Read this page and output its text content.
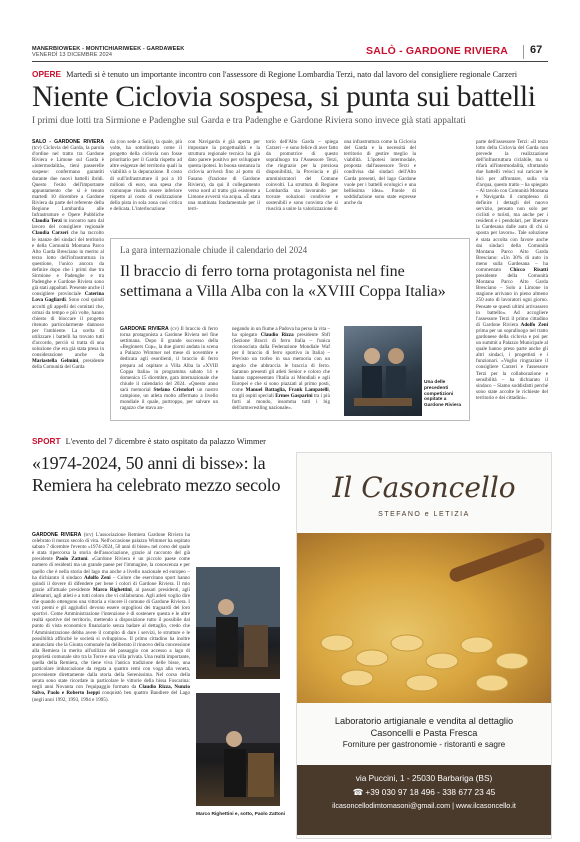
MANERBIOWEEK - MONTICHIARIWEEK - GARDAWEEK
VENERDÌ 13 DICEMBRE 2024	SALÒ - GARDONE RIVIERA 67
OPERE Martedì si è tenuto un importante incontro con l'assessore di Regione Lombardia Terzi, nato dal lavoro del consigliere regionale Carzeri
Niente Ciclovia sospesa, si punta sui battelli
I primi due lotti tra Sirmione e Padenghe sul Garda e tra Padenghe e Gardone Riviera sono invece già stati appaltati
SALÒ - GARDONE RIVIERA (tcv) Ciclovia del Garda, la parola d'ordine nel tratto tra Gardone Riviera e Limone sul Garda è «intermodalità», tieni passerelle sospese: confermano garantiti durante due nuovi battelli ibridi. Questo l'esito dell'importante appuntamento che si è tenuto martedì 10 dicembre a Gardone Riviera da parte del referente della Regione Lombardia alle Infrastrutture e Opere Pubbliche Claudia Terzi in incontro nato dal lavoro del consigliere regionale Claudia Carzeri che ha raccolto le istanze dei sindaci del territorio e della Comunità Montana Parco Alto Garda Bresciano in merito al terzo lotto dell'infrastruttura in questione, l'unico ancora da definire dopo che i primi due tra Sirmione e Padenghe e tra Padenghe e Gardone Riviera sono già stati appaltati. Presente anche il consigliere provinciale Caterina Lova Gagliardi. Sono così quindi accolti gli appelli dei comitati che, ormai da tempo e più volte, hanno chiesto di bloccare il progetto ritenuto particolarmente dannoso per l'ambiente. La scelta di utilizzare i battelli ha trovato tutti d'accordo, perciò si tratta di una soluzione che era già stata presa in considerazione anche da Mariastella Gelmini, presidente della Comunità del Garda
da (con sede a Salò), la quale, più volte, ha sottolineato come il progetto della ciclovia non fosse prioritario per il Garda rispetto ad altre esigenze del territorio quali la viabilità o la depurazione. Il costo di sull'infrastrutture il poi a 10 milioni di euro, una spesa che comunque risulta essere inferiore rispetto al costo di realizzazione della pista in sola zona così critica e delicata. L'interlocuzione
con Navigarda è già aperta per impostare la progettualità e la struttura regionale tecnica ha già dato parere positivo per sviluppare questa ipotesi. In buona sostanza la ciclovia arriverà fino al porto di Fasano (frazione di Gardone Riviera), da qui il collegamento verso nord al tratto già esistente a Limone avverrà via acqua. «È stata una mattinata fondamentale per il terri-
torio dell'Alto Garda – spiega Carzeri – e sono felice di aver fatto da promotrice di questo sopralluogo tra l'Assessore Terzi, che ringrazio per la preziosa disponibilità, la Provincia e gli amministratori del Comune coinvolti. La struttura di Regione Lombardia sta lavorando per trovare soluzioni condivise e sostenibili e sono convinta che si riuscirà a unire la valorizzazione di
una infrastruttura come la Ciclovia del Garda e la necessità del territorio di gestire meglio la viabilità. L'ipotesi intermodale, proposta dall'assessore Terzi e condivisa dai sindaci dell'Alto Garda presenti, del lago Gardone vuole per i battelli ecologici e una bellissima idea». Parole di soddisfazione sono state espresse anche da
parte dell'assessore Terzi: «Il terzo lotto della Ciclovia del Garda non prevede la realizzazione dell'infrastruttura ciclabile, ma si rifarà all'intermodalità, sfruttando due battelli veloci sui caricare le bici per affrontare, sulla via d'acqua, questo tratto – ha spiegato – Al tavolo con Comunità Montana e Navigarda il complesso di definire i dettagli del nuovo servizio, pensato non solo per ciclisti e turisti, ma anche per i residenti e i pendolari, per liberare la Gardesana dalle auto di chi si sposta per lavoro». Tale soluzione è stata accolta con favore anche dai sindaci della Comunità Montana Parco Alto Garda Bresciano: «Un 30% di auto in meno sulla Gardesana – ha commentato Chicco Risatti presidente della Comunità Montana Parco Alto Garda Bresciano – Solo a Limone in stagione arrivano in pieno almeno 250 auto di lavoratori ogni giorno. Pensate se questi ultimi arrivassero in battello». Ad accogliere l'assessore Terzi il primo cittadino di Gardone Riviera Adolfo Zeni prima per un sopralluogo nel tratto gardonese della ciclovia e poi per un summit a Palazzo Municipale al quale hanno preso parte anche gli altri sindaci, i progettisti e i funzionari. «Voglio ringraziare il consigliere Carzeri e l'assessore Terzi per la collaborazione e sensibilità – ha dichiarato il sindaco – Siamo soddisfatti perché sono state accolte le richieste del territorio e dei cittadini».
La gara internazionale chiude il calendario del 2024
Il braccio di ferro torna protagonista nel fine settimana a Villa Alba con la «XVIII Coppa Italia»
GARDONE RIVIERA (cv) Il braccio di ferro torna protagonista a Gardone Riviera nel fine settimana. Dopo il grande successo della «Beginners Cup», la due giorni andata in scena a Palazzo Wimmer nel mese di novembre e dedicata agli esordienti, il braccio di ferro prepara ad ospitare a Villa Alba la «XVIII Coppa Italia» in programma sabato 14 e domenica 15 dicembre, gara internazionale che chiude il calendario del 2024. «Questo anno sarà memorial Stefano Cristofori un nostro campione, un atleta molto affermato a livello mondiale il quale, purtroppo, per salvare un ragazzo che stava an-
negando in un fiume a Padova ha perso la vita – ha spiegato Claudio Rizza presidente Sbfl (Sezione Bracci di ferro Italia – l'unica riconosciuta dalla Federazione Mondiale Waf per il braccio di ferro sportivo in Italia) – Previsto un trofeo in sua memoria con un angolo che abbraccia le braccia di ferro. Saranno presenti gli atleti Senior e coloro che hanno rappresentato l'Italia ai Mondiali e agli Europei e che si sono piazzati al primo posti, come Manuel Battaglia, Frank Lampatelli, tra gli ospiti speciali Ermes Gasparini tra i più forti al mondo, insomma tutti i big dell'armwrestling nazionale».
Una delle precedenti competizioni ospitate a Gardone Riviera
SPORT L'evento del 7 dicembre è stato ospitato da palazzo Wimmer
«1974-2024, 50 anni di bisse»: la
Remiera ha celebrato mezzo secolo
GARDONE RIVIERA (tcv) L'associazione Remiera Gardone Riviera ha celebrato il mezzo secolo di vita. Nell'occasione palazzo Wimmer ha ospitato sabato 7 dicembre l'evento «1974-2024, 50 anni di bisse» nel corso del quale è stata ripercorsa la storia dell'associazione, grazie al racconto del già presidente Paolo Zattoni. «Gardone Riviera è un piccolo paese come numero di residenti ma un grande paese per l'immagine, la conoscenza e per quello che è nella storia del lago ma anche a livello nazionale ed europeo – ha dichiarato il sindaco Adolfo Zeni – Colore che esercitano sport hanno quindi il dovere di difendere per bene i colori di Gardone Riviera. Il mio grazie all'attuale presidente Marco Righettini, ai passati presidenti, agli allenatori, agli atleti e a tutti coloro che vi collaborano. Agli atleti voglio dire che quando ottengono una vittoria a vincere il comune di Gardone Riviera. I voti premi e gli aggiudici devono essere orgogliosi dei traguardi del loro sportivi. Come Amministrazione l'intenzione è di sostenere questa e le altre realtà sportive del territorio, mettendo a disposizione tutto il possibile dal punto di vista economico finanziario senza badare al dettaglio, credo che l'Amministrazione debba avere il compito di dare i servizi, le strutture e le possibilità affinché le società si sviluppino». Il primo cittadino ha inoltre annunciato che la Giunta comunale ha deliberato il rinnovo della concessione alla Remiera in merito all'utilizzo del passaggio con accesso a lago di proprietà comunale sito tra la Torre e una villa privata. Una realtà importante, quella della Remiera, che tiene viva l'antica tradizione delle bisse, una particolare imbarcazione da regata a quattro remi con voga alla veneta, proveniente direttamente dalla storia della Serenissima. Nel corso della serata sono state ricordate in particolare le vittorie della bissa Foscarina: negli anni Novanta con l'equipaggio formato da Claudio Rizza, Nunzio Salvo, Paolo e Roberto Iseppi conquistò ben quattro Bandiere del Lago (negli anni 1992, 1993, 1994 e 1995).
Marco Righettini e, sotto, Paolo Zattoni
Il Casoncello
STEFANO e LETIZIA
Laboratorio artigianale e vendita al dettaglio
Casoncelli e Pasta Fresca
Forniture per gastronomie - ristoranti e sagre
via Puccini, 1 - 25030 Barbariga (BS)
☎ +39 030 97 18 496 - 338 677 23 45
ilcasoncellodimtomasoni@gmail.com | www.ilcasoncello.it
